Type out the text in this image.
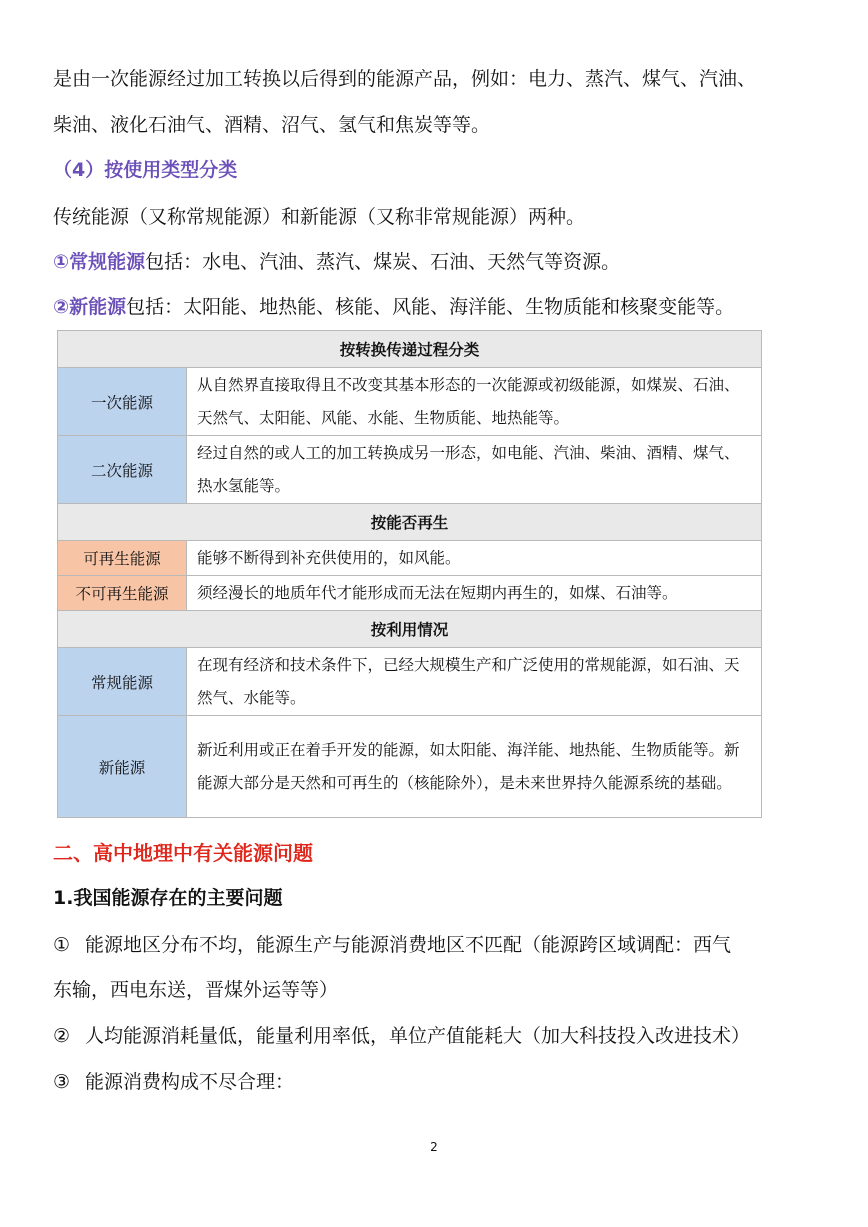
是由一次能源经过加工转换以后得到的能源产品，例如：电力、蒸汽、煤气、汽油、
柴油、液化石油气、酒精、沼气、氢气和焦炭等等。
（4）按使用类型分类
传统能源（又称常规能源）和新能源（又称非常规能源）两种。
①常规能源包括：水电、汽油、蒸汽、煤炭、石油、天然气等资源。
②新能源包括：太阳能、地热能、核能、风能、海洋能、生物质能和核聚变能等。
按转换传递过程分类	
一次能源	从自然界直接取得且不改变其基本形态的一次能源或初级能源，如煤炭、石油、天然气、太阳能、风能、水能、生物质能、地热能等。
二次能源	经过自然的或人工的加工转换成另一形态，如电能、汽油、柴油、酒精、煤气、热水氢能等。
按能否再生	
可再生能源	能够不断得到补充供使用的，如风能。
不可再生能源	须经漫长的地质年代才能形成而无法在短期内再生的，如煤、石油等。
按利用情况	
常规能源	在现有经济和技术条件下，已经大规模生产和广泛使用的常规能源，如石油、天然气、水能等。
新能源	新近利用或正在着手开发的能源，如太阳能、海洋能、地热能、生物质能等。新能源大部分是天然和可再生的（核能除外），是未来世界持久能源系统的基础。
二、高中地理中有关能源问题
1.我国能源存在的主要问题
① 能源地区分布不均，能源生产与能源消费地区不匹配（能源跨区域调配：西气
东输，西电东送，晋煤外运等等）
② 人均能源消耗量低，能量利用率低，单位产值能耗大（加大科技投入改进技术）
③ 能源消费构成不尽合理：
2
